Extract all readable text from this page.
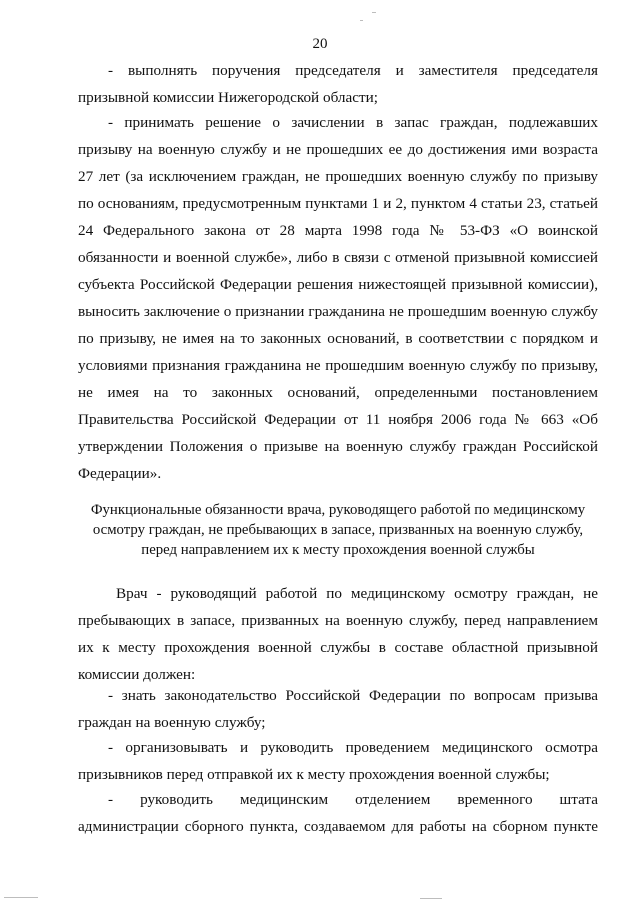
20
- выполнять поручения председателя и заместителя председателя
призывной комиссии Нижегородской области;
- принимать решение о зачислении в запас граждан, подлежавших
призыву на военную службу и не прошедших ее до достижения ими возраста
27 лет (за исключением граждан, не прошедших военную службу по призыву
по основаниям, предусмотренным пунктами 1 и 2, пунктом 4 статьи 23, статьей
24 Федерального закона от 28 марта 1998 года № 53-ФЗ «О воинской
обязанности и военной службе», либо в связи с отменой призывной комиссией
субъекта Российской Федерации решения нижестоящей призывной комиссии),
выносить заключение о признании гражданина не прошедшим военную службу
по призыву, не имея на то законных оснований, в соответствии с порядком и
условиями признания гражданина не прошедшим военную службу по призыву,
не имея на то законных оснований, определенными постановлением
Правительства Российской Федерации от 11 ноября 2006 года № 663 «Об
утверждении Положения о призыве на военную службу граждан Российской
Федерации».
Функциональные обязанности врача, руководящего работой по медицинскому
осмотру граждан, не пребывающих в запасе, призванных на военную службу,
перед направлением их к месту прохождения военной службы
Врач - руководящий работой по медицинскому осмотру граждан, не
пребывающих в запасе, призванных на военную службу, перед направлением
их к месту прохождения военной службы в составе областной призывной
комиссии должен:
- знать законодательство Российской Федерации по вопросам призыва
граждан на военную службу;
- организовывать и руководить проведением медицинского осмотра
призывников перед отправкой их к месту прохождения военной службы;
- руководить медицинским отделением временного штата
администрации сборного пункта, создаваемом для работы на сборном пункте
